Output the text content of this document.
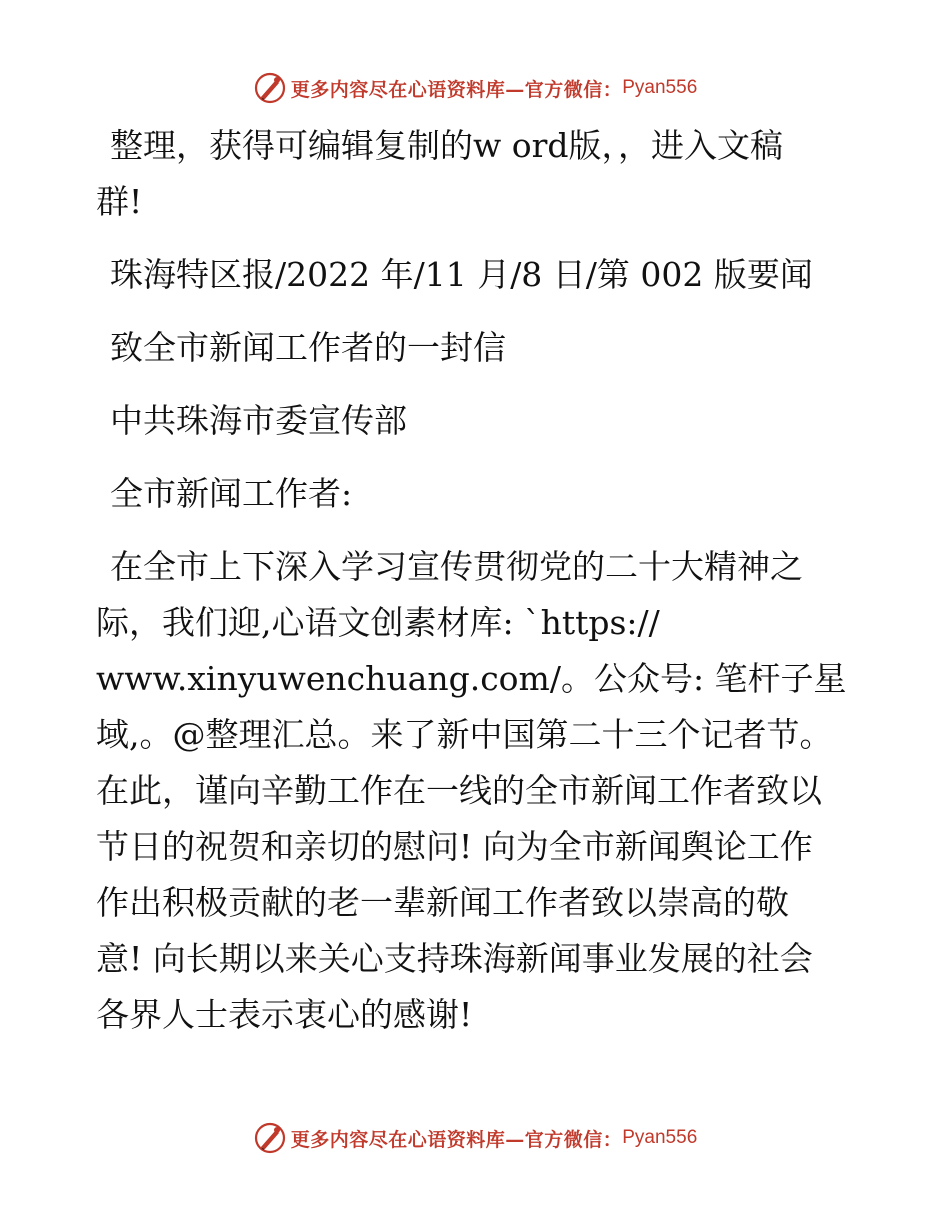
更多内容尽在心语资料库—官方微信： Pyan556
整理，获得可编辑复制的w ord版，，进入文稿
群!
珠海特区报/2022 年/11 月/8 日/第 002 版要闻
致全市新闻工作者的一封信
中共珠海市委宣传部
全市新闻工作者:
在全市上下深入学习宣传贯彻党的二十大精神之
际，我们迎,心语文创素材库: `https://
www.xinyuwenchuang.com/。公众号: 笔杆子星
域,。@整理汇总。来了新中国第二十三个记者节。
在此，谨向辛勤工作在一线的全市新闻工作者致以
节日的祝贺和亲切的慰问! 向为全市新闻舆论工作
作出积极贡献的老一辈新闻工作者致以崇高的敬
意! 向长期以来关心支持珠海新闻事业发展的社会
各界人士表示衷心的感谢!
更多内容尽在心语资料库—官方微信： Pyan556
